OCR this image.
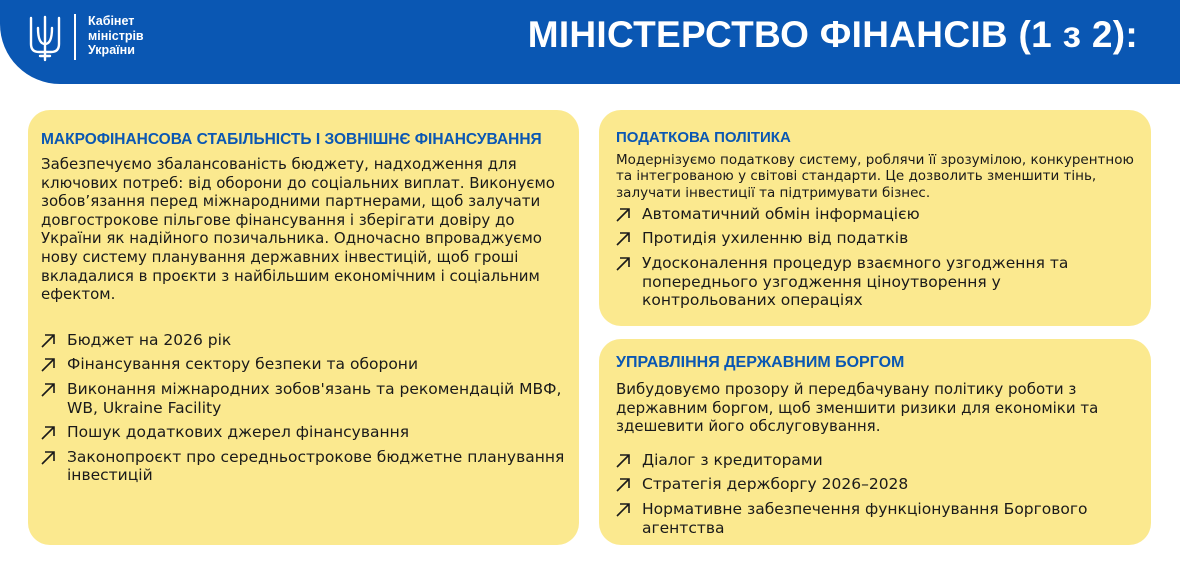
Кабінет
міністрів
України	МІНІСТЕРСТВО ФІНАНСІВ (1 з 2):
МАКРОФІНАНСОВА СТАБІЛЬНІСТЬ І ЗОВНІШНЄ ФІНАНСУВАННЯ

Забезпечуємо збалансованість бюджету, надходження для ключових потреб: від оборони до соціальних виплат. Виконуємо зобов’язання перед міжнародними партнерами, щоб залучати довгострокове пільгове фінансування і зберігати довіру до України як надійного позичальника. Одночасно впроваджуємо нову систему планування державних інвестицій, щоб гроші вкладалися в проєкти з найбільшим економічним і соціальним ефектом.

Бюджет на 2026 рік
Фінансування сектору безпеки та оборони
Виконання міжнародних зобов'язань та рекомендацій МВФ, WB, Ukraine Facility
Пошук додаткових джерел фінансування
Законопроєкт про середньострокове бюджетне планування інвестицій
ПОДАТКОВА ПОЛІТИКА

Модернізуємо податкову систему, роблячи її зрозумілою, конкурентною та інтегрованою у світові стандарти. Це дозволить зменшити тінь, залучати інвестиції та підтримувати бізнес.

Автоматичний обмін інформацією
Протидія ухиленню від податків
Удосконалення процедур взаємного узгодження та попереднього узгодження ціноутворення у контрольованих операціях
УПРАВЛІННЯ ДЕРЖАВНИМ БОРГОМ

Вибудовуємо прозору й передбачувану політику роботи з державним боргом, щоб зменшити ризики для економіки та здешевити його обслуговування.

Діалог з кредиторами
Стратегія держборгу 2026–2028
Нормативне забезпечення функціонування Боргового агентства
